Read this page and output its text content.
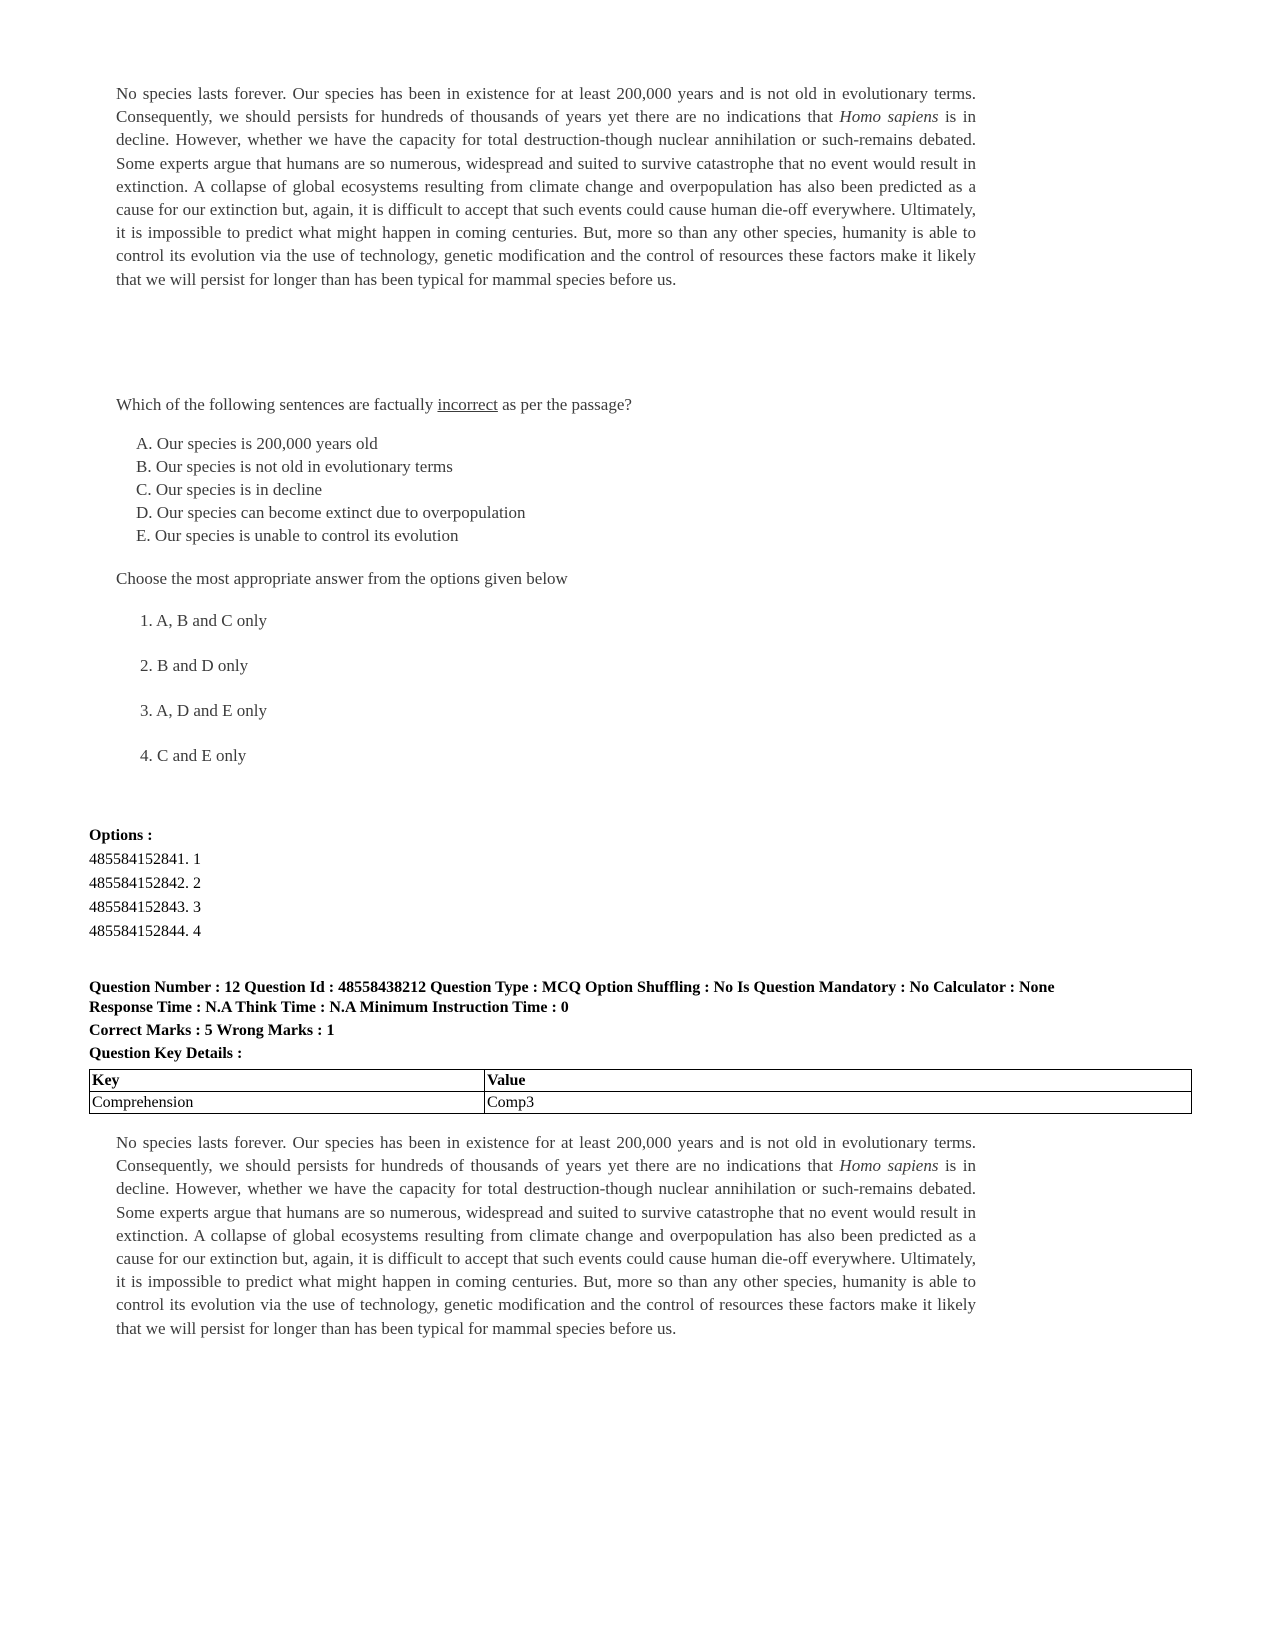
No species lasts forever. Our species has been in existence for at least 200,000 years and is not old in evolutionary terms. Consequently, we should persists for hundreds of thousands of years yet there are no indications that Homo sapiens is in decline. However, whether we have the capacity for total destruction-though nuclear annihilation or such-remains debated. Some experts argue that humans are so numerous, widespread and suited to survive catastrophe that no event would result in extinction. A collapse of global ecosystems resulting from climate change and overpopulation has also been predicted as a cause for our extinction but, again, it is difficult to accept that such events could cause human die-off everywhere. Ultimately, it is impossible to predict what might happen in coming centuries. But, more so than any other species, humanity is able to control its evolution via the use of technology, genetic modification and the control of resources these factors make it likely that we will persist for longer than has been typical for mammal species before us.

Which of the following sentences are factually incorrect as per the passage?

A. Our species is 200,000 years old
B. Our species is not old in evolutionary terms
C. Our species is in decline
D. Our species can become extinct due to overpopulation
E. Our species is unable to control its evolution

Choose the most appropriate answer from the options given below

1. A, B and C only
2. B and D only
3. A, D and E only
4. C and E only
Options :
485584152841. 1
485584152842. 2
485584152843. 3
485584152844. 4
Question Number : 12 Question Id : 48558438212 Question Type : MCQ Option Shuffling : No Is Question Mandatory : No Calculator : None
Response Time : N.A Think Time : N.A Minimum Instruction Time : 0
Correct Marks : 5 Wrong Marks : 1
Question Key Details :
Key	Value
Comprehension	Comp3

No species lasts forever. Our species has been in existence for at least 200,000 years and is not old in evolutionary terms. Consequently, we should persists for hundreds of thousands of years yet there are no indications that Homo sapiens is in decline. However, whether we have the capacity for total destruction-though nuclear annihilation or such-remains debated. Some experts argue that humans are so numerous, widespread and suited to survive catastrophe that no event would result in extinction. A collapse of global ecosystems resulting from climate change and overpopulation has also been predicted as a cause for our extinction but, again, it is difficult to accept that such events could cause human die-off everywhere. Ultimately, it is impossible to predict what might happen in coming centuries. But, more so than any other species, humanity is able to control its evolution via the use of technology, genetic modification and the control of resources these factors make it likely that we will persist for longer than has been typical for mammal species before us.
